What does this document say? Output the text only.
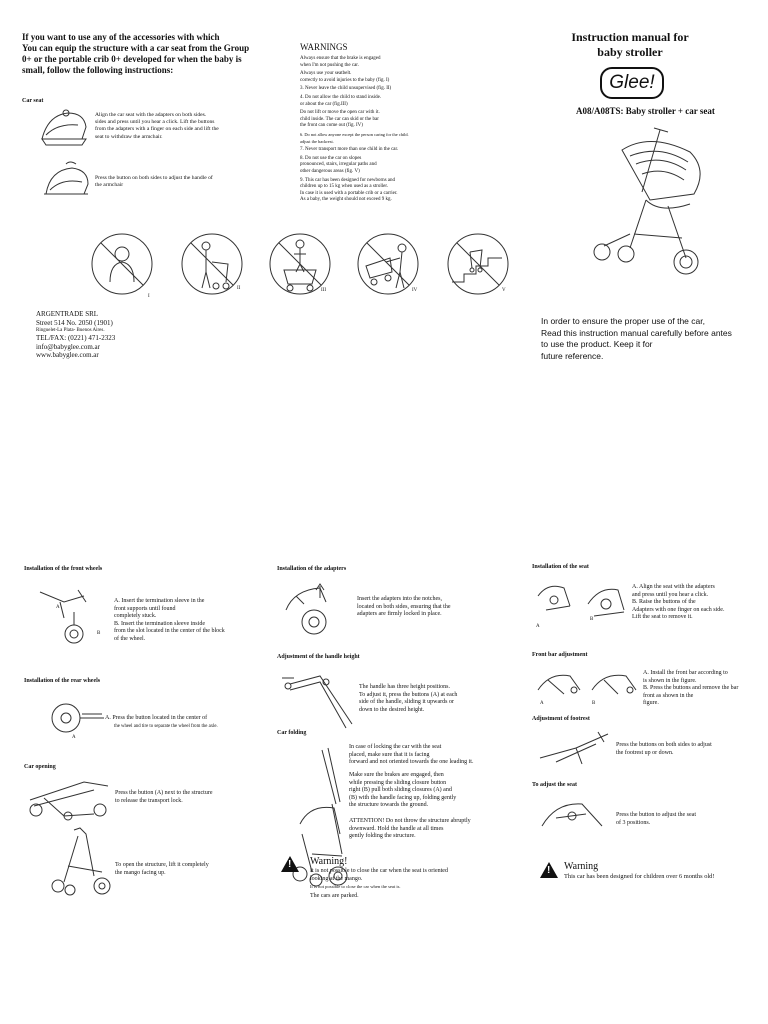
If you want to use any of the accessories with which
You can equip the structure with a car seat from the Group
0+ or the portable crib 0+ developed for when the baby is
small, follow the following instructions:
Car seat
Align the car seat with the adapters on both sides.
sides and press until you hear a click. Lift the buttons
from the adapters with a finger on each side and lift the
seat to withdraw the armchair.
Press the button on both sides to adjust the handle of
the armchair
WARNINGS
Always ensure that the brake is engaged
when I'm not pushing the car.
Always use your seatbelt.
correctly to avoid injuries to the baby (fig. I)
3. Never leave the child unsupervised (fig. II)
4. Do not allow the child to stand inside.
or about the car (fig.III)
Do not lift or move the open car with it.
child inside. The car can skid or the bar
the front can come out (fig. IV)
6. Do not allow anyone except the person caring for the child.
adjust the backrest.
7. Never transport more than one child in the car.
8. Do not use the car on slopes
pronounced, stairs, irregular paths and
other dangerous areas (fig. V)
9. This car has been designed for newborns and
children up to 15 kg when used as a stroller.
In case it is used with a portable crib or a carrier.
As a baby, the weight should not exceed 9 kg.
I
II	III	IV	V
ARGENTRADE SRL
Street 514 No. 2050 (1901)
Ringuelet-La Plata- Buenos Aires.
TEL/FAX: (0221) 471-2323
info@babyglee.com.ar
www.babyglee.com.ar
Instruction manual for
baby stroller
Glee!
A08/A08TS: Baby stroller + car seat
In order to ensure the proper use of the car,
Read this instruction manual carefully before antes
to use the product. Keep it for
future reference.
Installation of the front wheels
A
B
A. Insert the termination sleeve in the
front supports until found
completely stuck.
B. Insert the termination sleeve inside
from the slot located in the center of the block
of the wheel.
Installation of the rear wheels
A
A. Press the button located in the center of
the wheel and tire to separate the wheel from the axle.
Car opening
Press the button (A) next to the structure
to release the transport lock.
To open the structure, lift it completely
the mango facing up.
Installation of the adapters
Insert the adapters into the notches,
located on both sides, ensuring that the
adapters are firmly locked in place.
Adjustment of the handle height
The handle has three height positions.
To adjust it, press the buttons (A) at each
side of the handle, sliding it upwards or
down to the desired height.
Car folding
In case of locking the car with the seat
placed, make sure that it is facing
forward and not oriented towards the one leading it.
Make sure the brakes are engaged, then
while pressing the sliding closure button
right (B) pull both sliding closures (A) and
(B) with the handle facing up, folding gently
the structure towards the ground.
ATTENTION! Do not throw the structure abruptly
downward. Hold the handle at all times
gently folding the structure.
! Warning!
It is not possible to close the car when the seat is oriented
looking at the mango.
It is not possible to close the car when the seat is.
The cars are parked.
Installation of the seat
A
B
A. Align the seat with the adapters
and press until you hear a click.
B. Raise the buttons of the
Adapters with one finger on each side.
Lift the seat to remove it.
Front bar adjustment
A	B
A. Install the front bar according to
is shown in the figure.
B. Press the buttons and remove the bar
front as shown in the
figure.
Adjustment of footrest
Press the buttons on both sides to adjust
the footrest up or down.
To adjust the seat
Press the button to adjust the seat
of 3 positions.
! Warning
This car has been designed for children over 6 months old!
